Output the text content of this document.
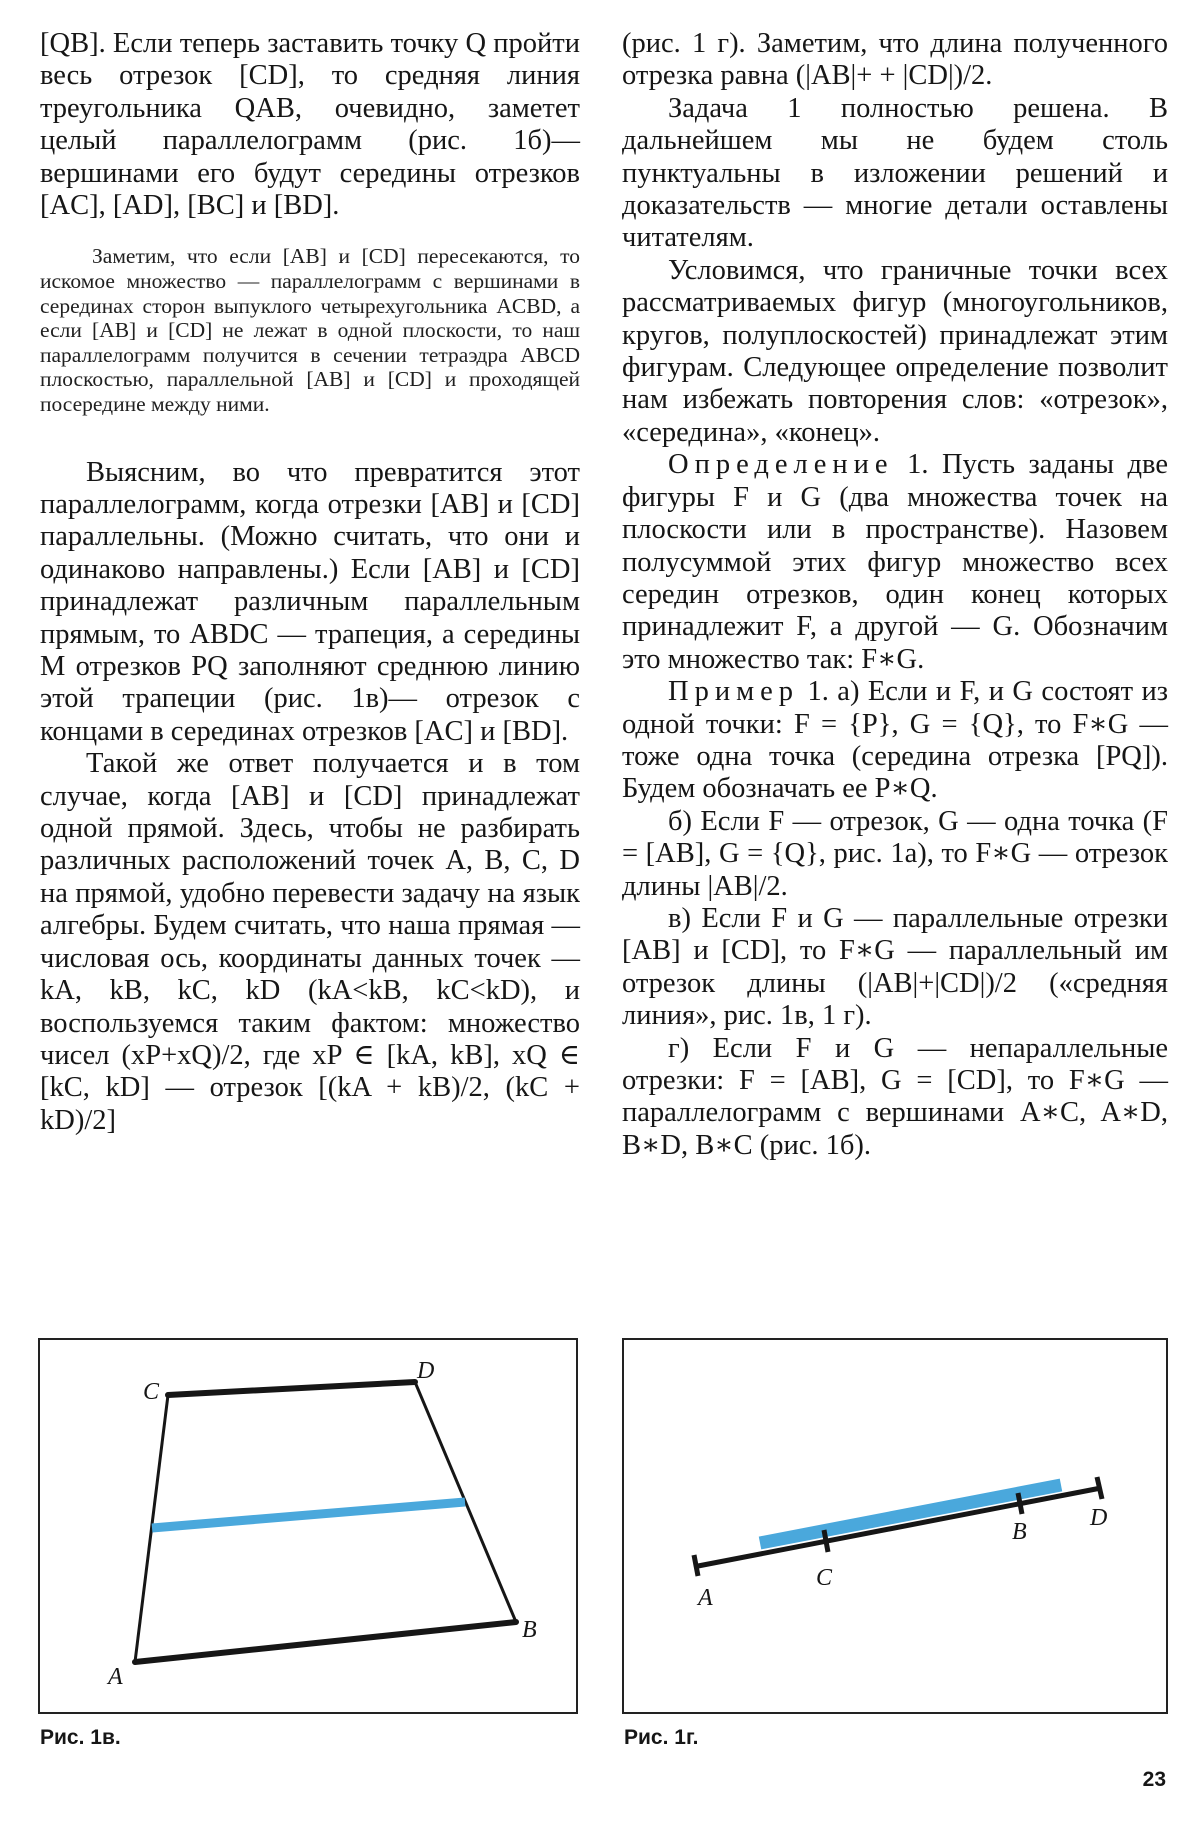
[QB]. Если теперь заставить точку Q пройти весь отрезок [CD], то средняя линия треугольника QAB, очевидно, заметет целый параллелограмм (рис. 1б)— вершинами его будут середины отрезков [AC], [AD], [BC] и [BD].

Заметим, что если [AB] и [CD] пересекаются, то искомое множество — параллелограмм с вершинами в серединах сторон выпуклого четырехугольника ACBD, а если [AB] и [CD] не лежат в одной плоскости, то наш параллелограмм получится в сечении тетраэдра ABCD плоскостью, параллельной [AB] и [CD] и проходящей посередине между ними.

Выясним, во что превратится этот параллелограмм, когда отрезки [AB] и [CD] параллельны. (Можно считать, что они и одинаково направлены.) Если [AB] и [CD] принадлежат различным параллельным прямым, то ABDC — трапеция, а середины M отрезков PQ заполняют среднюю линию этой трапеции (рис. 1в)— отрезок с концами в серединах отрезков [AC] и [BD].

Такой же ответ получается и в том случае, когда [AB] и [CD] принадлежат одной прямой. Здесь, чтобы не разбирать различных расположений точек A, B, C, D на прямой, удобно перевести задачу на язык алгебры. Будем считать, что наша прямая — числовая ось, координаты данных точек — kA, kB, kC, kD (kA<kB, kC<kD), и воспользуемся таким фактом: множество чисел (xP+xQ)/2, где xP ∈ [kA, kB], xQ ∈ [kC, kD] — отрезок [(kA + kB)/2, (kC + kD)/2]

(рис. 1 г). Заметим, что длина полученного отрезка равна (|AB|+ + |CD|)/2.

Задача 1 полностью решена. В дальнейшем мы не будем столь пунктуальны в изложении решений и доказательств — многие детали оставлены читателям.

Условимся, что граничные точки всех рассматриваемых фигур (многоугольников, кругов, полуплоскостей) принадлежат этим фигурам. Следующее определение позволит нам избежать повторения слов: «отрезок», «середина», «конец».

Определение 1. Пусть заданы две фигуры F и G (два множества точек на плоскости или в пространстве). Назовем полусуммой этих фигур множество всех середин отрезков, один конец которых принадлежит F, а другой — G. Обозначим это множество так: F∗G.

Пример 1. а) Если и F, и G состоят из одной точки: F = {P}, G = {Q}, то F∗G — тоже одна точка (середина отрезка [PQ]). Будем обозначать ее P∗Q.

б) Если F — отрезок, G — одна точка (F = [AB], G = {Q}, рис. 1а), то F∗G — отрезок длины |AB|/2.

в) Если F и G — параллельные отрезки [AB] и [CD], то F∗G — параллельный им отрезок длины (|AB|+|CD|)/2 («средняя линия», рис. 1в, 1 г).

г) Если F и G — непараллельные отрезки: F = [AB], G = [CD], то F∗G — параллелограмм с вершинами A∗C, A∗D, B∗D, B∗C (рис. 1б).

C
D
A
B
Рис. 1в.
A
C
B
D
Рис. 1г.
23
